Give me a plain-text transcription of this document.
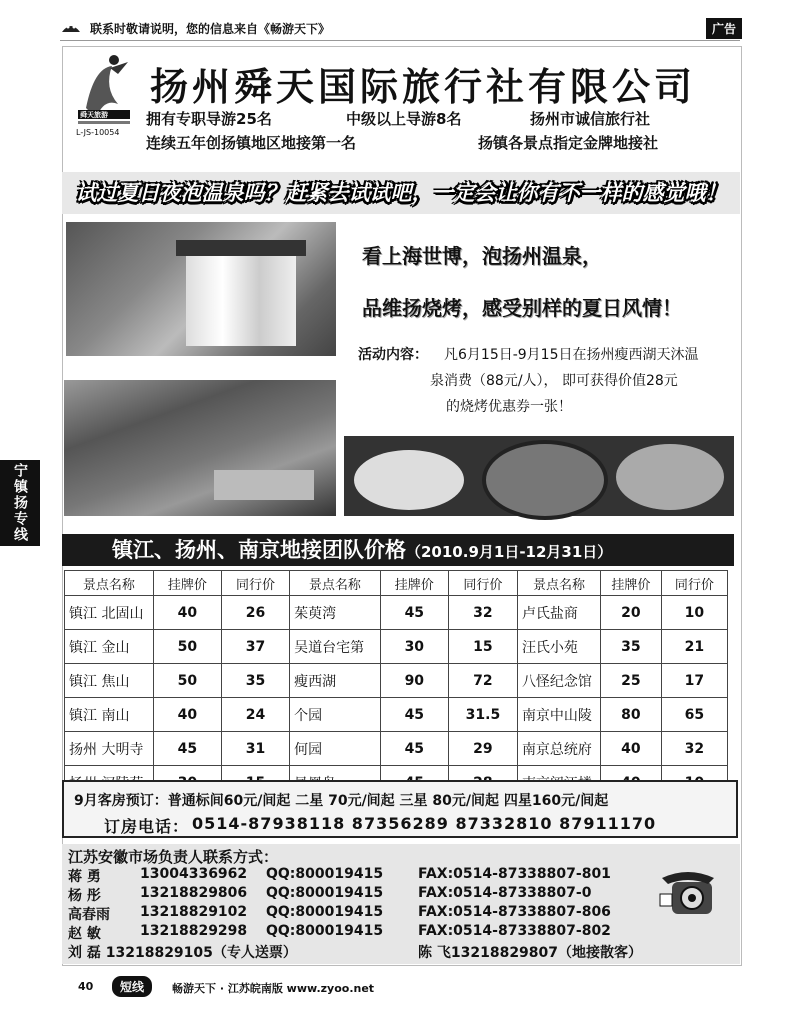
联系时敬请说明，您的信息来自《畅游天下》	广告
舜天旅游
L-JS-10054
扬州舜天国际旅行社有限公司
拥有专职导游25名	中级以上导游8名	扬州市诚信旅行社
连续五年创扬镇地区地接第一名	扬镇各景点指定金牌地接社
试过夏日夜泡温泉吗？赶紧去试试吧，一定会让你有不一样的感觉哦！
看上海世博，泡扬州温泉，
品维扬烧烤，感受别样的夏日风情！
活动内容： 凡6月15日-9月15日在扬州瘦西湖天沐温
泉消费（88元/人）， 即可获得价值28元
的烧烤优惠券一张！
宁镇扬专线
镇江、扬州、南京地接团队价格（2010.9月1日-12月31日）
景点名称	挂牌价	同行价	景点名称	挂牌价	同行价	景点名称	挂牌价	同行价
镇江 北固山	40	26	茱萸湾	45	32	卢氏盐商	20	10
镇江 金山	50	37	吴道台宅第	30	15	汪氏小苑	35	21
镇江 焦山	50	35	瘦西湖	90	72	八怪纪念馆	25	17
镇江 南山	40	24	个园	45	31.5	南京中山陵	80	65
扬州 大明寺	45	31	何园	45	29	南京总统府	40	32

9月客房预订：普通标间60元/间起 二星 70元/间起 三星 80元/间起 四星160元/间起
订房电话： 0514-87938118 87356289 87332810 87911170
江苏安徽市场负责人联系方式：
蒋 勇	13004336962 QQ:800019415 FAX:0514-87338807-801
杨 彤	13218829806 QQ:800019415 FAX:0514-87338807-0
高春雨 13218829102 QQ:800019415 FAX:0514-87338807-806
赵 敏	13218829298 QQ:800019415 FAX:0514-87338807-802
刘 磊 13218829105（专人送票）	陈 飞13218829807（地接散客）
40	短线	畅游天下 · 江苏皖南版 www.zyoo.net
